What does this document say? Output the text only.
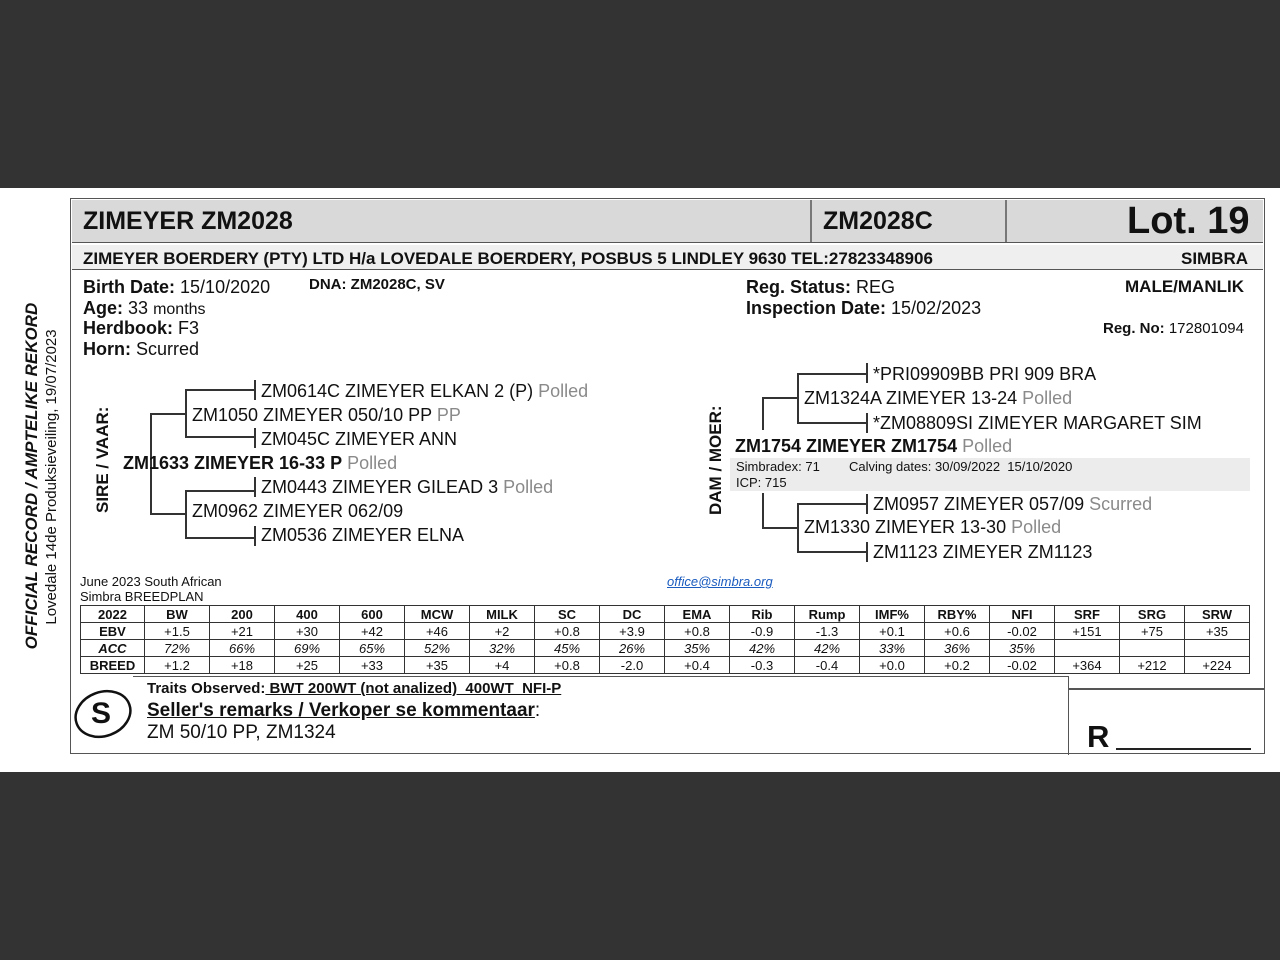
OFFICIAL RECORD / AMPTELIKE REKORD Lovedale 14de Produksieveiling, 19/07/2023
ZIMEYER ZM2028	ZM2028C	Lot. 19
ZIMEYER BOERDERY (PTY) LTD H/a LOVEDALE BOERDERY, POSBUS 5 LINDLEY 9630 TEL:27823348906	SIMBRA
Birth Date: 15/10/2020	DNA: ZM2028C, SV
Age: 33 months
Herdbook: F3
Horn: Scurred
Reg. Status: REG
Inspection Date: 15/02/2023
MALE/MANLIK
Reg. No: 172801094
SIRE / VAAR:
ZM0614C ZIMEYER ELKAN 2 (P) Polled
ZM1050 ZIMEYER 050/10 PP PP
ZM045C ZIMEYER ANN
ZM1633 ZIMEYER 16-33 P Polled
ZM0443 ZIMEYER GILEAD 3 Polled
ZM0962 ZIMEYER 062/09
ZM0536 ZIMEYER ELNA
DAM / MOER:
*PRI09909BB PRI 909 BRA
ZM1324A ZIMEYER 13-24 Polled
*ZM08809SI ZIMEYER MARGARET SIM
ZM1754 ZIMEYER ZM1754 Polled
Simbradex: 71 Calving dates: 30/09/2022  15/10/2020
ICP: 715
ZM0957 ZIMEYER 057/09 Scurred
ZM1330 ZIMEYER 13-30 Polled
ZM1123 ZIMEYER ZM1123
June 2023 South African
Simbra BREEDPLAN
office@simbra.org
2022	BW	200	400	600	MCW	MILK	SC	DC	EMA	Rib	Rump	IMF%	RBY%	NFI	SRF	SRG	SRW
EBV	+1.5	+21	+30	+42	+46	+2	+0.8	+3.9	+0.8	-0.9	-1.3	+0.1	+0.6	-0.02	+151	+75	+35
ACC	72%	66%	69%	65%	52%	32%	45%	26%	35%	42%	42%	33%	36%	35%			
BREED	+1.2	+18	+25	+33	+35	+4	+0.8	-2.0	+0.4	-0.3	-0.4	+0.0	+0.2	-0.02	+364	+212	+224
Traits Observed: BWT 200WT (not analized)  400WT  NFI-P
Seller's remarks / Verkoper se kommentaar:
ZM 50/10 PP, ZM1324	R
S
